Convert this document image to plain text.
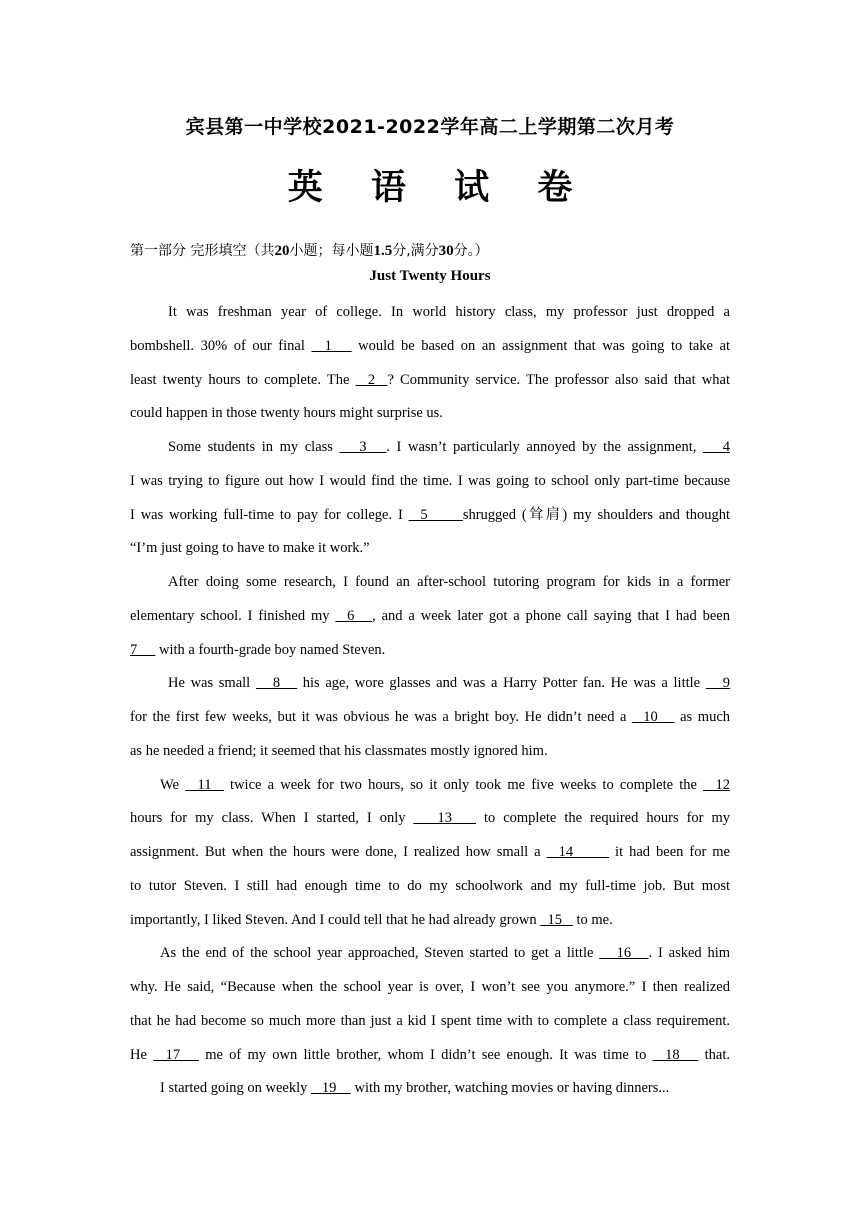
宾县第一中学校2021-2022学年高二上学期第二次月考
英 语 试 卷
第一部分 完形填空（共20小题；每小题1.5分,满分30分。）
Just Twenty Hours

It was freshman year of college. In world history class, my professor just dropped a

bombshell. 30% of our final   1    would be based on an assignment that was going to take at

least twenty hours to complete. The   2  ? Community service. The professor also said that what

could happen in those twenty hours might surprise us.

Some students in my class    3   . I wasn’t particularly annoyed by the assignment,    4

I was trying to figure out how I would find the time. I was going to school only part-time because

I was working full-time to pay for college. I   5      shrugged (耸肩) my shoulders and thought

“I’m just going to have to make it work.”

After doing some research, I found an after-school tutoring program for kids in a former

elementary school. I finished my   6   , and a week later got a phone call saying that I had been

7      with a fourth-grade boy named Steven.

He was small    8    his age, wore glasses and was a Harry Potter fan. He was a little    9

for the first few weeks, but it was obvious he was a bright boy. He didn’t need a   10    as much

as he needed a friend; it seemed that his classmates mostly ignored him.

We   11   twice a week for two hours, so it only took me five weeks to complete the   12

hours for my class. When I started, I only    13    to complete the required hours for my

assignment. But when the hours were done, I realized how small a   14       it had been for me

to tutor Steven. I still had enough time to do my schoolwork and my full-time job. But most

importantly, I liked Steven. And I could tell that he had already grown   15    to me.

As the end of the school year approached, Steven started to get a little    16   . I asked him

why. He said, “Because when the school year is over, I won’t see you anymore.” I then realized

that he had become so much more than just a kid I spent time with to complete a class requirement.

He   17    me of my own little brother, whom I didn’t see enough. It was time to   18    that.

I started going on weekly    19     with my brother, watching movies or having dinners...
